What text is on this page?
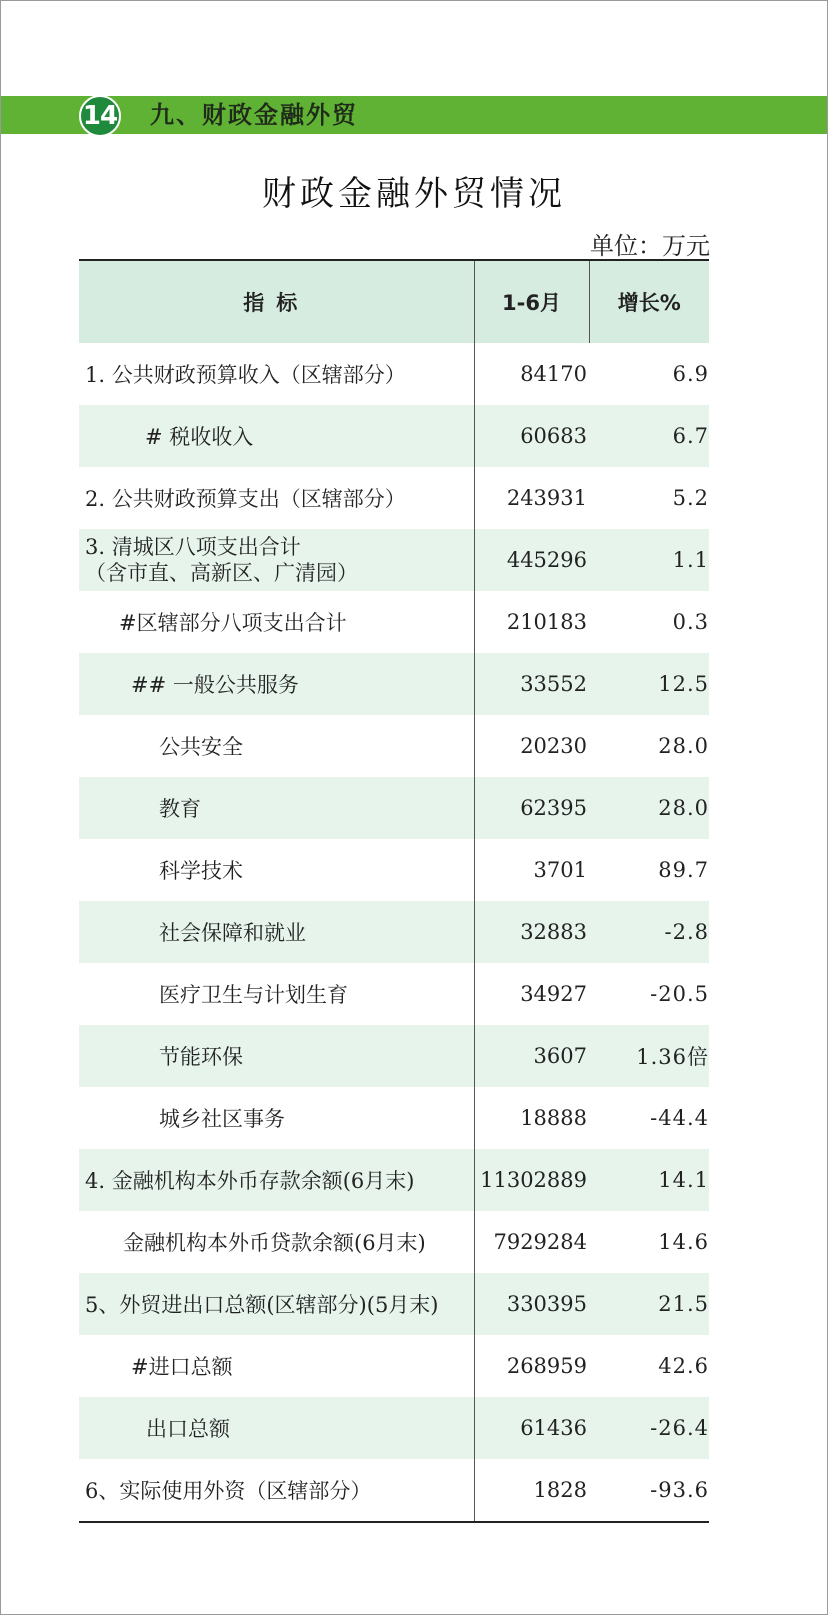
14 九、财政金融外贸
财政金融外贸情况
单位：万元
指标	1-6月	增长%
1. 公共财政预算收入（区辖部分）	84170	6.9
# 税收收入	60683	6.7
2. 公共财政预算支出（区辖部分）	243931	5.2

3. 清城区八项支出合计
（含市直、高新区、广清园）	445296	1.1
#区辖部分八项支出合计	210183	0.3
## 一般公共服务	33552	12.5
公共安全	20230	28.0
教育	62395	28.0
科学技术	3701	89.7
社会保障和就业	32883	-2.8
医疗卫生与计划生育	34927	-20.5
节能环保	3607	1.36倍
城乡社区事务	18888	-44.4
4. 金融机构本外币存款余额(6月末)	11302889	14.1
金融机构本外币贷款余额(6月末)	7929284	14.6
5、外贸进出口总额(区辖部分)(5月末)	330395	21.5
#进口总额	268959	42.6
出口总额	61436	-26.4
6、实际使用外资（区辖部分）	1828	-93.6
